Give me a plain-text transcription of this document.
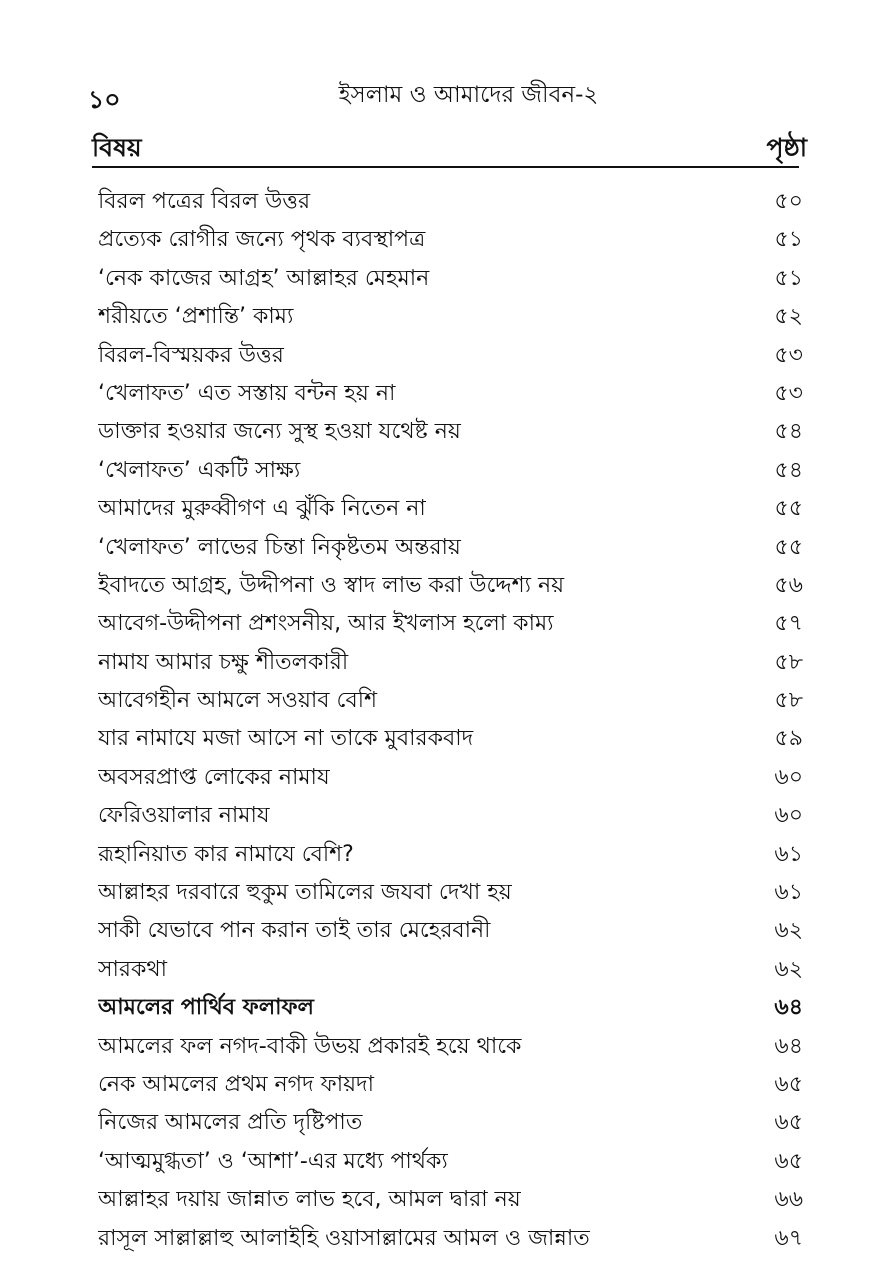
১০	ইসলাম ও আমাদের জীবন-২
বিষয়	পৃষ্ঠা
বিরল পত্রের বিরল উত্তর	৫০
প্রত্যেক রোগীর জন্যে পৃথক ব্যবস্থাপত্র	৫১
‘নেক কাজের আগ্রহ’ আল্লাহর মেহমান	৫১
শরীয়তে ‘প্রশান্তি’ কাম্য	৫২
বিরল-বিস্ময়কর উত্তর	৫৩
‘খেলাফত’ এত সস্তায় বন্টন হয় না	৫৩
ডাক্তার হওয়ার জন্যে সুস্থ হওয়া যথেষ্ট নয়	৫৪
‘খেলাফত’ একটি সাক্ষ্য	৫৪
আমাদের মুরুব্বীগণ এ ঝুঁকি নিতেন না	৫৫
‘খেলাফত’ লাভের চিন্তা নিকৃষ্টতম অন্তরায়	৫৫
ইবাদতে আগ্রহ, উদ্দীপনা ও স্বাদ লাভ করা উদ্দেশ্য নয়	৫৬
আবেগ-উদ্দীপনা প্রশংসনীয়, আর ইখলাস হলো কাম্য	৫৭
নামায আমার চক্ষু শীতলকারী	৫৮
আবেগহীন আমলে সওয়াব বেশি	৫৮
যার নামাযে মজা আসে না তাকে মুবারকবাদ	৫৯
অবসরপ্রাপ্ত লোকের নামায	৬০
ফেরিওয়ালার নামায	৬০
রূহানিয়াত কার নামাযে বেশি?	৬১
আল্লাহর দরবারে হুকুম তামিলের জযবা দেখা হয়	৬১
সাকী যেভাবে পান করান তাই তার মেহেরবানী	৬২
সারকথা	৬২
আমলের পার্থিব ফলাফল	৬৪
আমলের ফল নগদ-বাকী উভয় প্রকারই হয়ে থাকে	৬৪
নেক আমলের প্রথম নগদ ফায়দা	৬৫
নিজের আমলের প্রতি দৃষ্টিপাত	৬৫
‘আত্মমুগ্ধতা’ ও ‘আশা’-এর মধ্যে পার্থক্য	৬৫
আল্লাহর দয়ায় জান্নাত লাভ হবে, আমল দ্বারা নয়	৬৬
রাসূল সাল্লাল্লাহু আলাইহি ওয়াসাল্লামের আমল ও জান্নাত	৬৭
